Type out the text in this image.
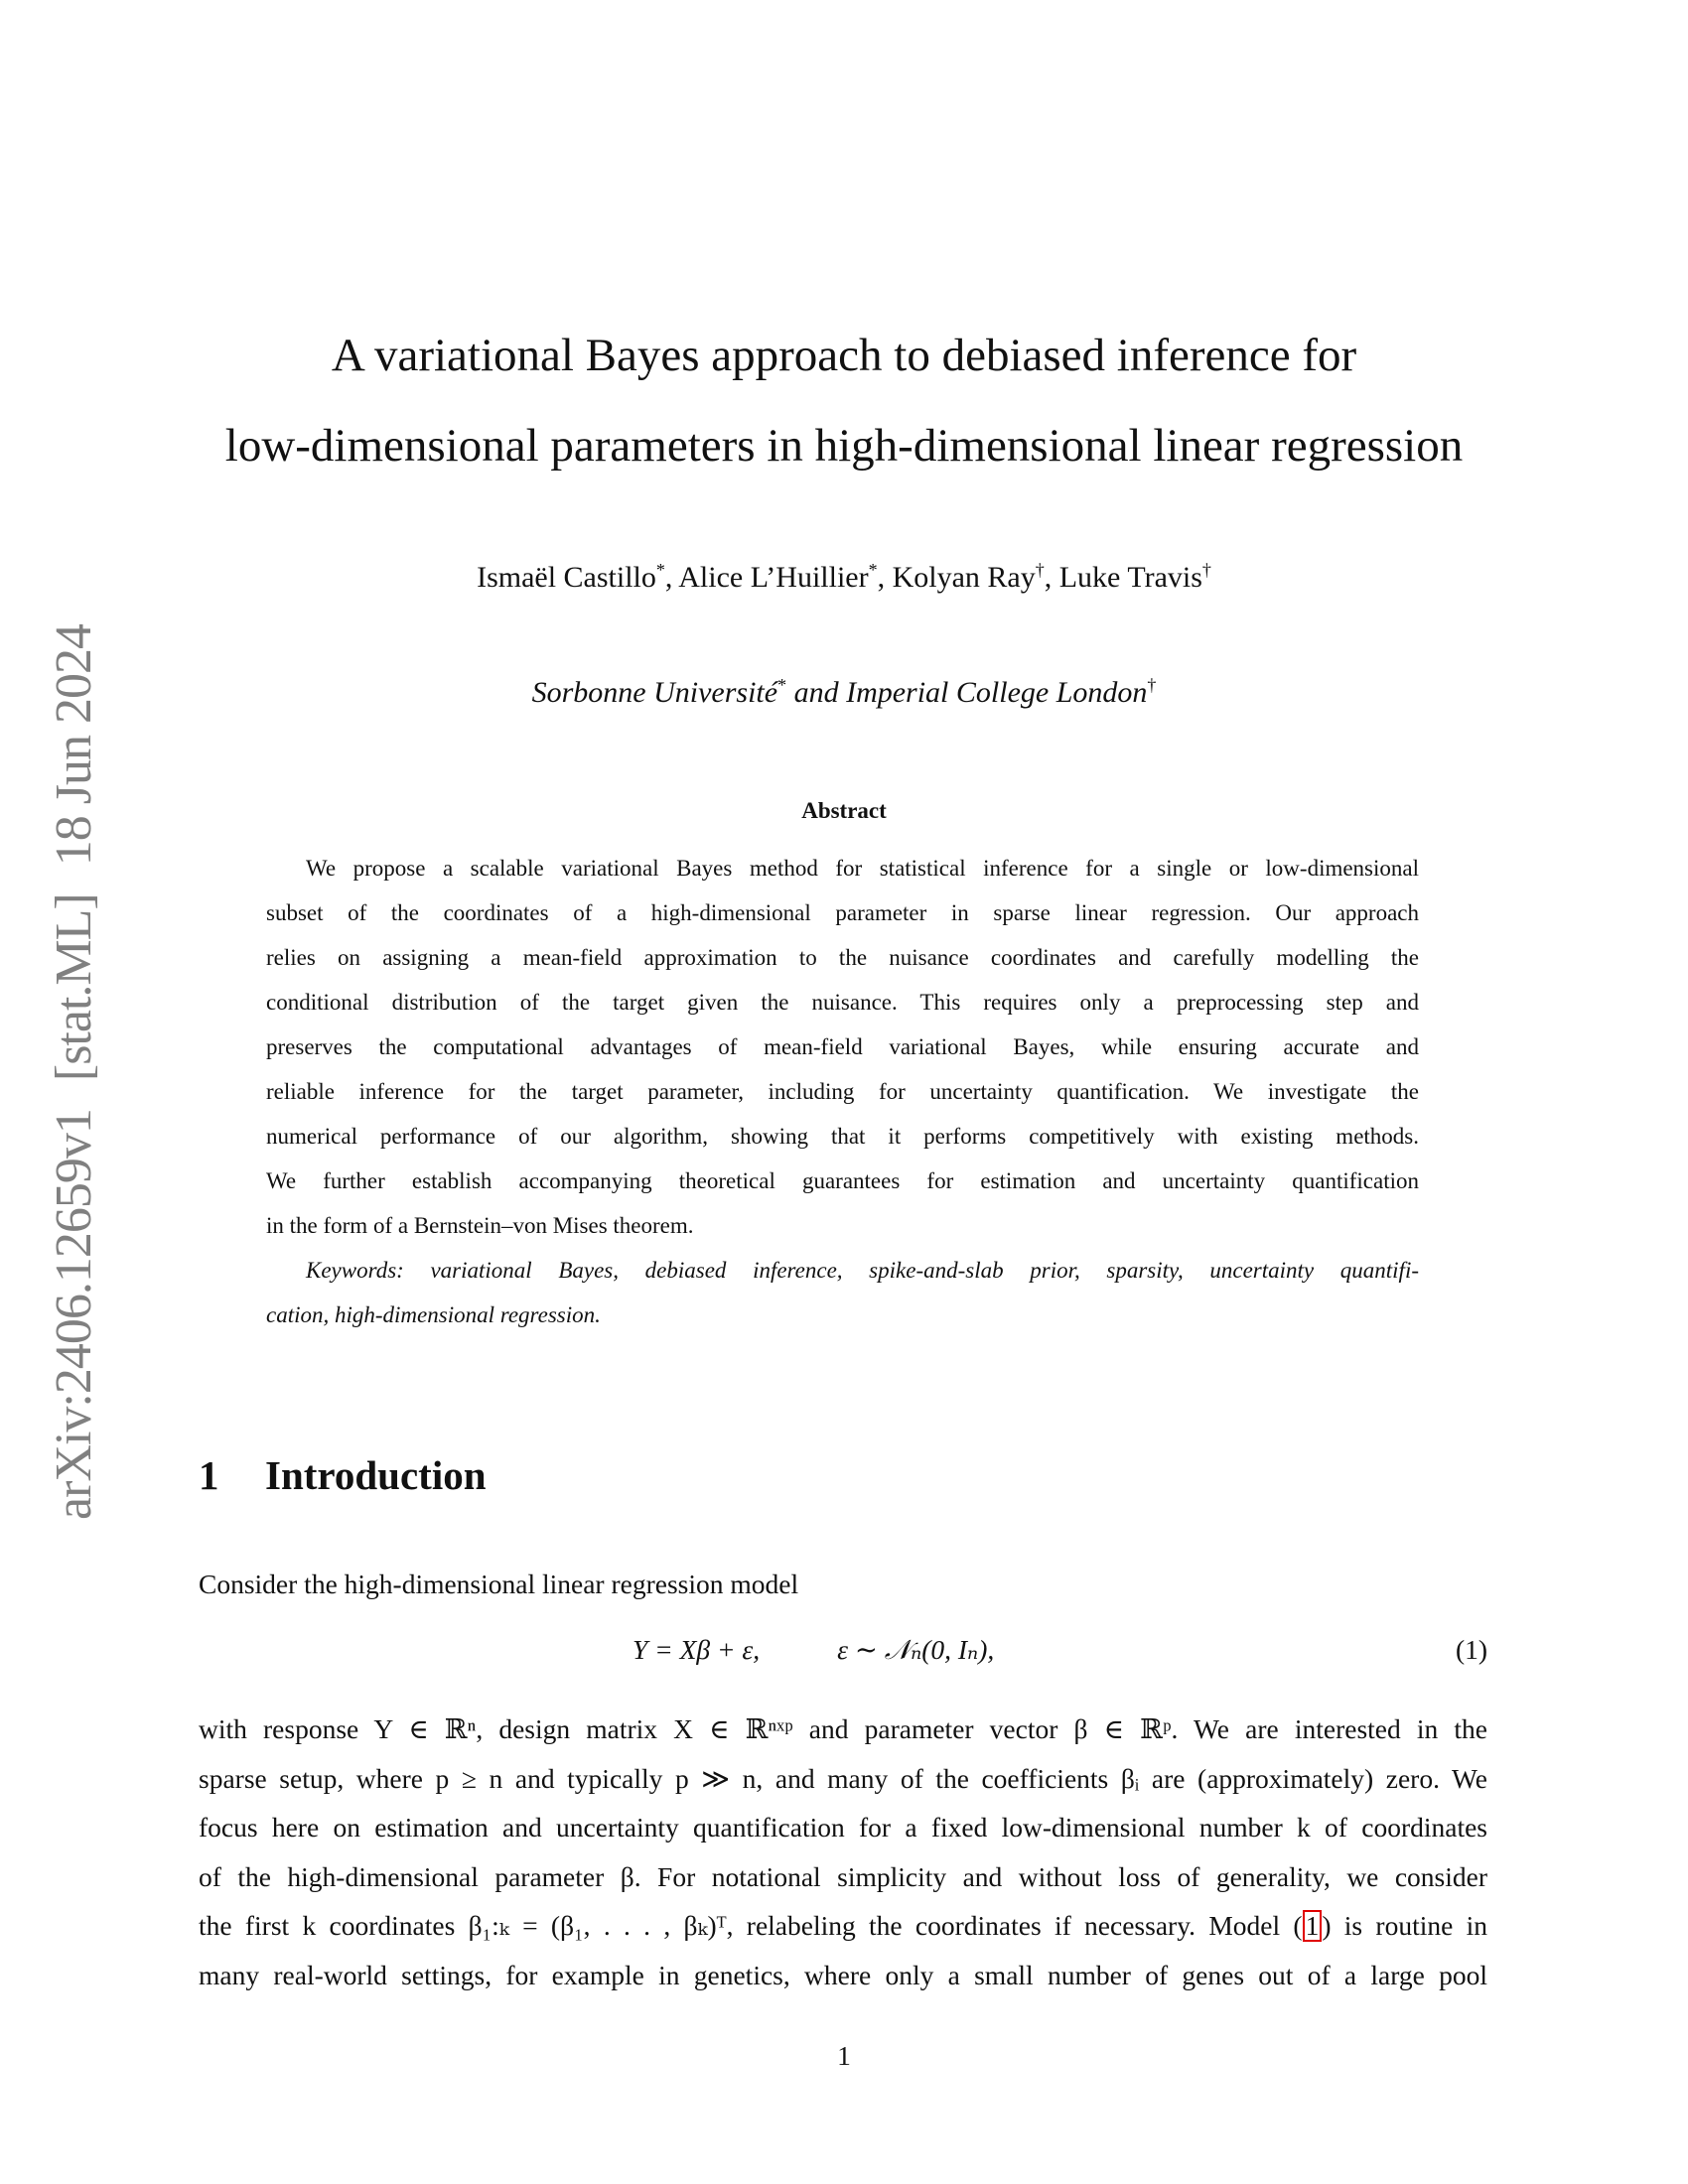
arXiv:2406.12659v1 [stat.ML] 18 Jun 2024
A variational Bayes approach to debiased inference for
low-dimensional parameters in high-dimensional linear regression
Ismaël Castillo*, Alice L’Huillier*, Kolyan Ray†, Luke Travis†
Sorbonne Université* and Imperial College London†
Abstract
We propose a scalable variational Bayes method for statistical inference for a single or low-dimensional
subset of the coordinates of a high-dimensional parameter in sparse linear regression. Our approach
relies on assigning a mean-field approximation to the nuisance coordinates and carefully modelling the
conditional distribution of the target given the nuisance. This requires only a preprocessing step and
preserves the computational advantages of mean-field variational Bayes, while ensuring accurate and
reliable inference for the target parameter, including for uncertainty quantification. We investigate the
numerical performance of our algorithm, showing that it performs competitively with existing methods.
We further establish accompanying theoretical guarantees for estimation and uncertainty quantification
in the form of a Bernstein–von Mises theorem.
Keywords: variational Bayes, debiased inference, spike-and-slab prior, sparsity, uncertainty quantifi-
cation, high-dimensional regression.
1 Introduction
Consider the high-dimensional linear regression model
Y = Xβ + ε,	ε ∼ 𝒩ₙ(0, Iₙ),	(1)
with response Y ∈ ℝⁿ, design matrix X ∈ ℝⁿˣᵖ and parameter vector β ∈ ℝᵖ. We are interested in the
sparse setup, where p ≥ n and typically p ≫ n, and many of the coefficients βᵢ are (approximately) zero. We
focus here on estimation and uncertainty quantification for a fixed low-dimensional number k of coordinates
of the high-dimensional parameter β. For notational simplicity and without loss of generality, we consider
the first k coordinates β₁:ₖ = (β₁, . . . , βₖ)ᵀ, relabeling the coordinates if necessary. Model ( 1 ) is routine in
many real-world settings, for example in genetics, where only a small number of genes out of a large pool
1
